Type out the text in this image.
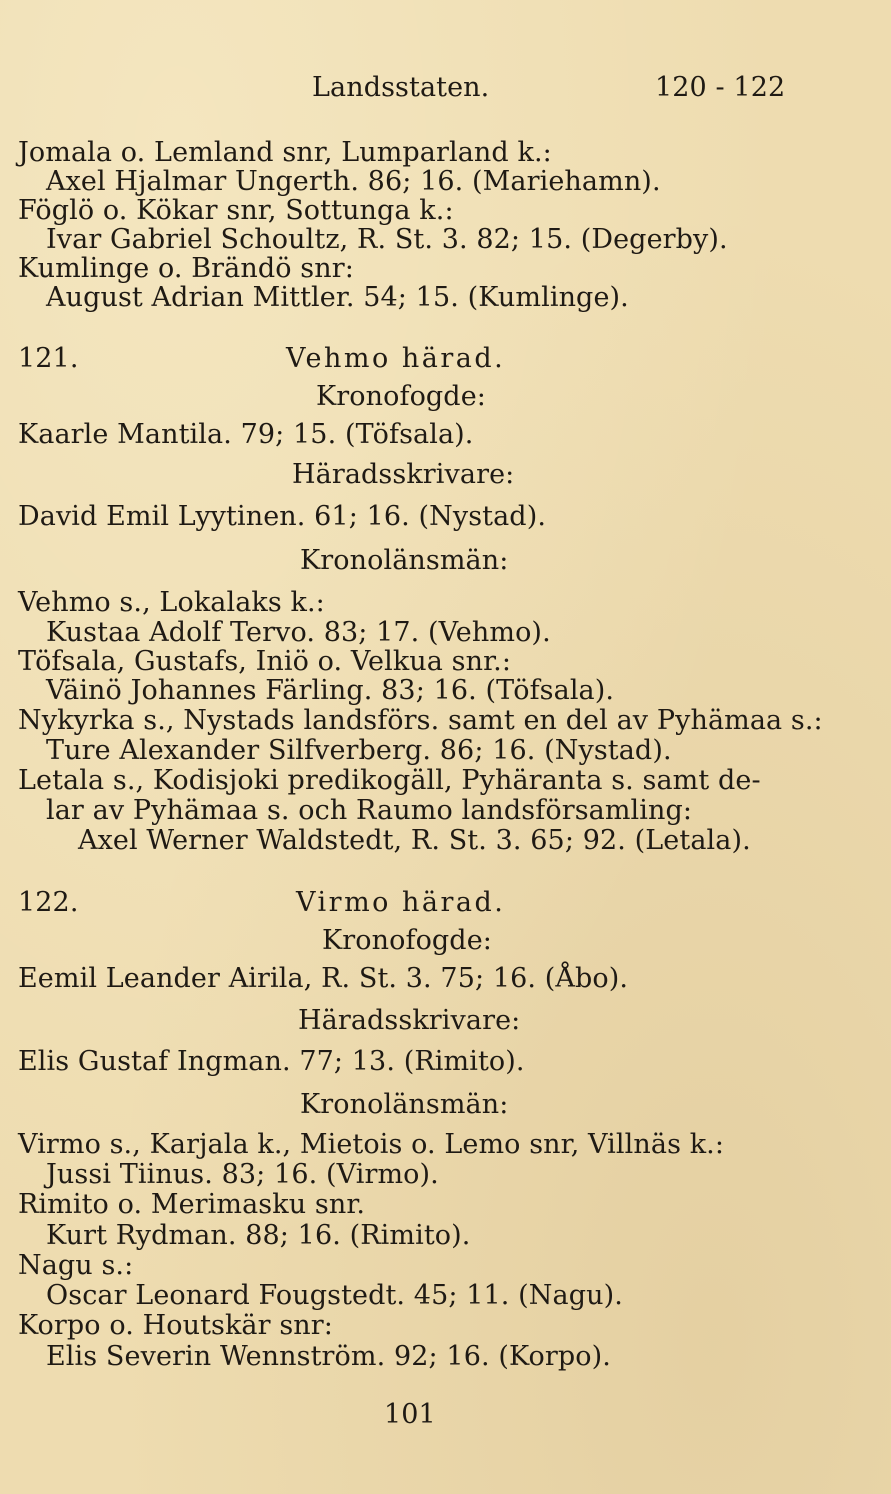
Landsstaten.	120 - 122
Jomala o. Lemland snr, Lumparland k.:
Axel Hjalmar Ungerth. 86; 16. (Mariehamn).
Föglö o. Kökar snr, Sottunga k.:
Ivar Gabriel Schoultz, R. St. 3. 82; 15. (Degerby).
Kumlinge o. Brändö snr:
August Adrian Mittler. 54; 15. (Kumlinge).
121.	Vehmo härad.
Kronofogde:
Kaarle Mantila. 79; 15. (Töfsala).
Häradsskrivare:
David Emil Lyytinen. 61; 16. (Nystad).
Kronolänsmän:
Vehmo s., Lokalaks k.:
Kustaa Adolf Tervo. 83; 17. (Vehmo).
Töfsala, Gustafs, Iniö o. Velkua snr.:
Väinö Johannes Färling. 83; 16. (Töfsala).
Nykyrka s., Nystads landsförs. samt en del av Pyhämaa s.:
Ture Alexander Silfverberg. 86; 16. (Nystad).
Letala s., Kodisjoki predikogäll, Pyhäranta s. samt de-
lar av Pyhämaa s. och Raumo landsförsamling:
Axel Werner Waldstedt, R. St. 3. 65; 92. (Letala).
122.	Virmo härad.
Kronofogde:
Eemil Leander Airila, R. St. 3. 75; 16. (Åbo).
Häradsskrivare:
Elis Gustaf Ingman. 77; 13. (Rimito).
Kronolänsmän:
Virmo s., Karjala k., Mietois o. Lemo snr, Villnäs k.:
Jussi Tiinus. 83; 16. (Virmo).
Rimito o. Merimasku snr.
Kurt Rydman. 88; 16. (Rimito).
Nagu s.:
Oscar Leonard Fougstedt. 45; 11. (Nagu).
Korpo o. Houtskär snr:
Elis Severin Wennström. 92; 16. (Korpo).
101
